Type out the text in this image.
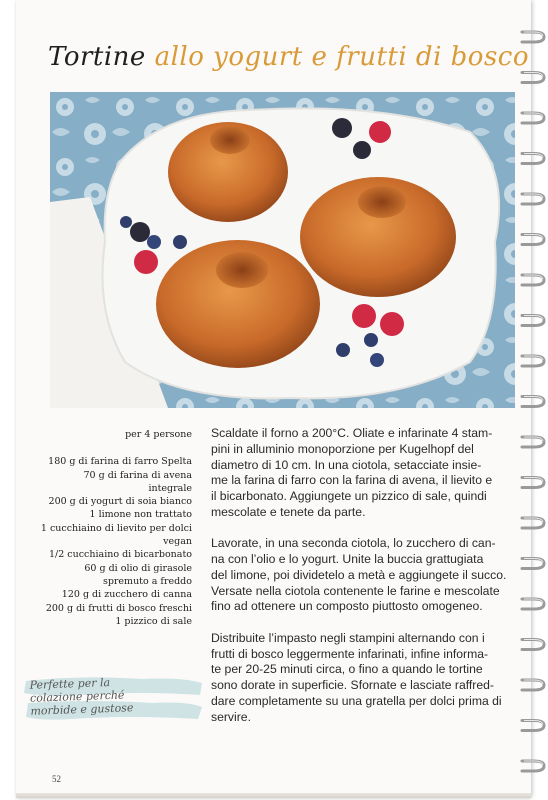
Tortine allo yogurt e frutti di bosco
per 4 persone
180 g di farina di farro Spelta
70 g di farina di avena
integrale
200 g di yogurt di soia bianco
1 limone non trattato
1 cucchiaino di lievito per dolci
vegan
1/2 cucchiaino di bicarbonato
60 g di olio di girasole
spremuto a freddo
120 g di zucchero di canna
200 g di frutti di bosco freschi
1 pizzico di sale
Perfette per la
colazione perché
morbide e gustose

Scaldate il forno a 200°C. Oliate e infarinate 4 stam-
pini in alluminio monoporzione per Kugelhopf del
diametro di 10 cm. In una ciotola, setacciate insie-
me la farina di farro con la farina di avena, il lievito e
il bicarbonato. Aggiungete un pizzico di sale, quindi
mescolate e tenete da parte.

Lavorate, in una seconda ciotola, lo zucchero di can-
na con l’olio e lo yogurt. Unite la buccia grattugiata
del limone, poi dividetelo a metà e aggiungete il succo.
Versate nella ciotola contenente le farine e mescolate
fino ad ottenere un composto piuttosto omogeneo.

Distribuite l’impasto negli stampini alternando con i
frutti di bosco leggermente infarinati, infine informa-
te per 20-25 minuti circa, o fino a quando le tortine
sono dorate in superficie. Sfornate e lasciate raffred-
dare completamente su una gratella per dolci prima di
servire.

52
